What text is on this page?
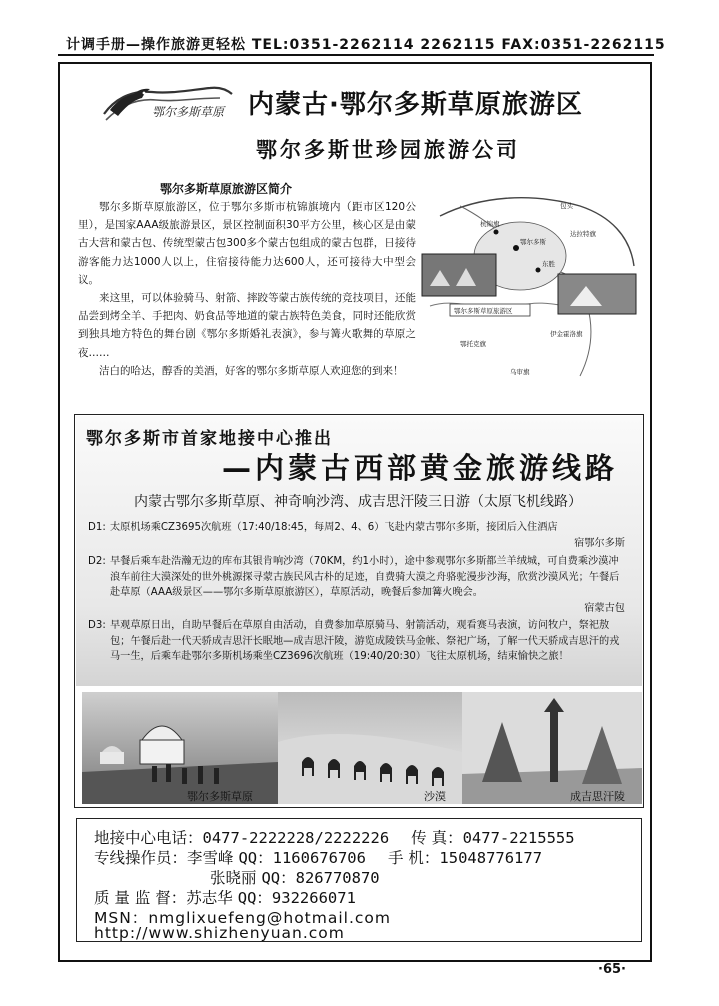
计调手册—操作旅游更轻松 TEL:0351-2262114 2262115 FAX:0351-2262115
鄂尔多斯草原 内蒙古·鄂尔多斯草原旅游区
鄂尔多斯世珍园旅游公司
鄂尔多斯草原旅游区简介

鄂尔多斯草原旅游区，位于鄂尔多斯市杭锦旗境内（距市区120公里），是国家AAA级旅游景区，景区控制面积30平方公里，核心区是由蒙古大营和蒙古包、传统型蒙古包300多个蒙古包组成的蒙古包群，日接待游客能力达1000人以上，住宿接待能力达600人，还可接待大中型会议。

来这里，可以体验骑马、射箭、摔跤等蒙古族传统的竞技项目，还能品尝到烤全羊、手把肉、奶食品等地道的蒙古族特色美食，同时还能欣赏到独具地方特色的舞台剧《鄂尔多斯婚礼表演》，参与篝火歌舞的草原之夜……

洁白的哈达，醇香的美酒，好客的鄂尔多斯草原人欢迎您的到来！

鄂尔多斯草原旅游区
鄂尔多斯
包头
杭锦旗
东胜
达拉特旗
伊金霍洛旗
鄂托克旗
乌审旗
鄂尔多斯市首家地接中心推出
—内蒙古西部黄金旅游线路
内蒙古鄂尔多斯草原、神奇响沙湾、成吉思汗陵三日游（太原飞机线路）
D1: 太原机场乘CZ3695次航班（17:40/18:45，每周2、4、6）飞赴内蒙古鄂尔多斯，接团后入住酒店
宿鄂尔多斯
D2: 早餐后乘车赴浩瀚无边的库布其银肯响沙湾（70KM，约1小时），途中参观鄂尔多斯都兰羊绒城，可自费乘沙漠冲浪车前往大漠深处的世外桃源探寻蒙古族民风古朴的足迹，自费骑大漠之舟骆驼漫步沙海，欣赏沙漠风光；午餐后赴草原（AAA级景区——鄂尔多斯草原旅游区），草原活动，晚餐后参加篝火晚会。
宿蒙古包
D3: 早观草原日出，自助早餐后在草原自由活动，自费参加草原骑马、射箭活动，观看赛马表演，访问牧户，祭祀敖包；午餐后赴一代天骄成吉思汗长眠地—成吉思汗陵，游览成陵铁马金帐、祭祀广场，了解一代天骄成吉思汗的戎马一生，后乘车赴鄂尔多斯机场乘坐CZ3696次航班（19:40/20:30）飞往太原机场，结束愉快之旅！
鄂尔多斯草原	沙漠	成吉思汗陵
地接中心电话：0477-2222228/2222226 传 真：0477-2215555
专线操作员：李雪峰 QQ：1160676706 手 机：15048776177
张晓丽 QQ：826770870
质 量 监 督：苏志华 QQ：932266071
MSN：nmglixuefeng@hotmail.com
http://www.shizhenyuan.com
·65·
